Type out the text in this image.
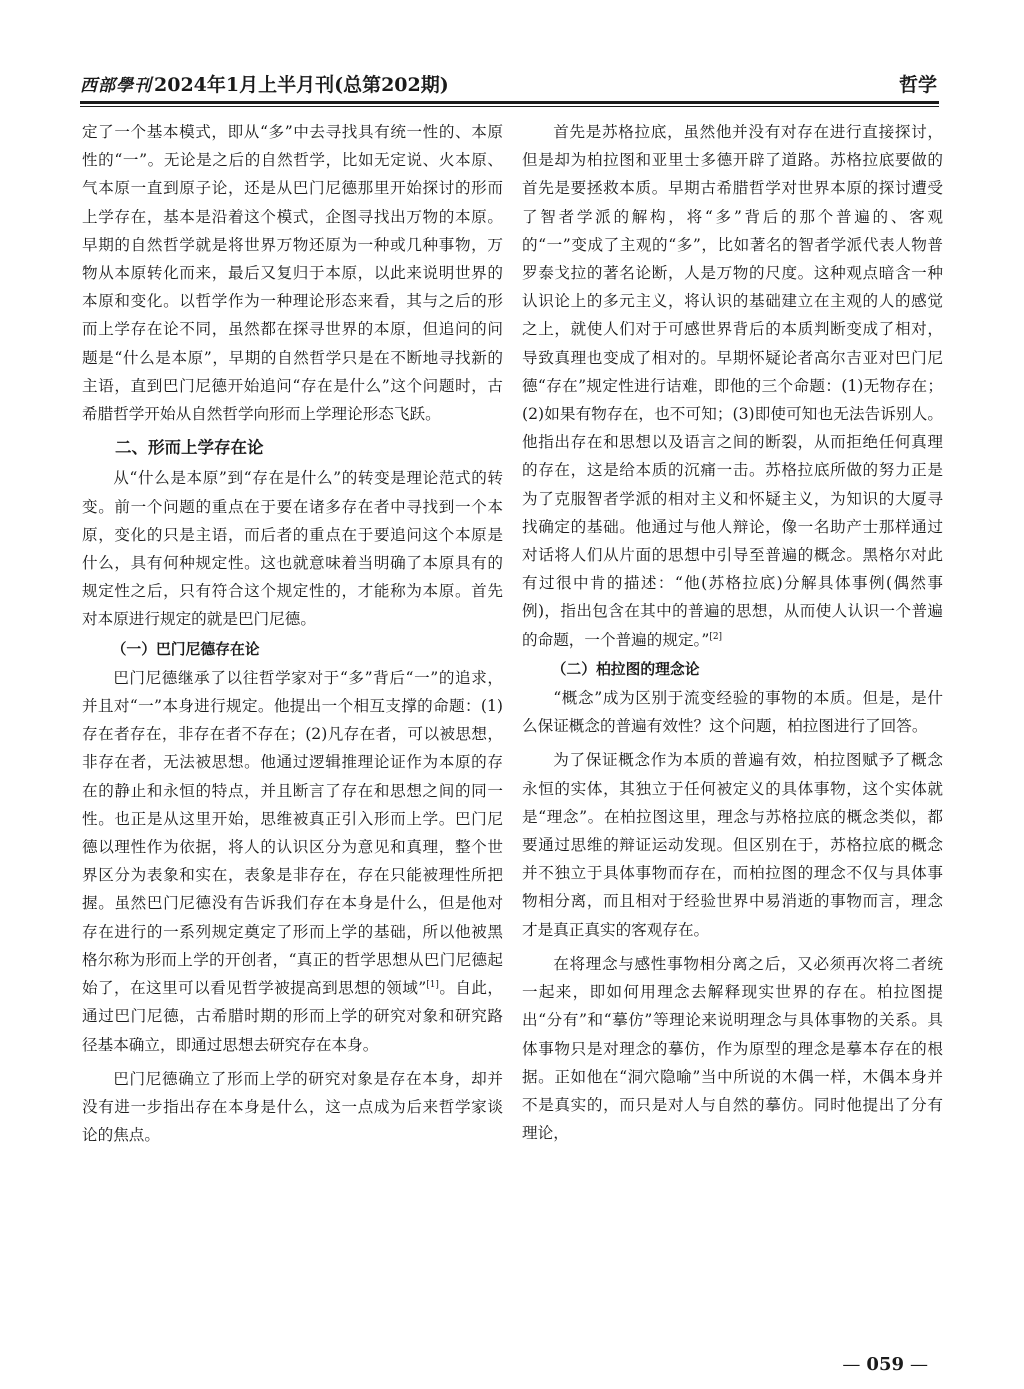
西部學刊 2024年1月上半月刊(总第202期)	哲学

定了一个基本模式，即从“多”中去寻找具有统一性的、本原性的“一”。无论是之后的自然哲学，比如无定说、火本原、气本原一直到原子论，还是从巴门尼德那里开始探讨的形而上学存在，基本是沿着这个模式，企图寻找出万物的本原。早期的自然哲学就是将世界万物还原为一种或几种事物，万物从本原转化而来，最后又复归于本原，以此来说明世界的本原和变化。以哲学作为一种理论形态来看，其与之后的形而上学存在论不同，虽然都在探寻世界的本原，但追问的问题是“什么是本原”，早期的自然哲学只是在不断地寻找新的主语，直到巴门尼德开始追问“存在是什么”这个问题时，古希腊哲学开始从自然哲学向形而上学理论形态飞跃。

二、形而上学存在论

从“什么是本原”到“存在是什么”的转变是理论范式的转变。前一个问题的重点在于要在诸多存在者中寻找到一个本原，变化的只是主语，而后者的重点在于要追问这个本原是什么，具有何种规定性。这也就意味着当明确了本原具有的规定性之后，只有符合这个规定性的，才能称为本原。首先对本原进行规定的就是巴门尼德。

（一）巴门尼德存在论

巴门尼德继承了以往哲学家对于“多”背后“一”的追求，并且对“一”本身进行规定。他提出一个相互支撑的命题：(1)存在者存在，非存在者不存在；(2)凡存在者，可以被思想，非存在者，无法被思想。他通过逻辑推理论证作为本原的存在的静止和永恒的特点，并且断言了存在和思想之间的同一性。也正是从这里开始，思维被真正引入形而上学。巴门尼德以理性作为依据，将人的认识区分为意见和真理，整个世界区分为表象和实在，表象是非存在，存在只能被理性所把握。虽然巴门尼德没有告诉我们存在本身是什么，但是他对存在进行的一系列规定奠定了形而上学的基础，所以他被黑格尔称为形而上学的开创者，“真正的哲学思想从巴门尼德起始了，在这里可以看见哲学被提高到思想的领域”[1]。自此，通过巴门尼德，古希腊时期的形而上学的研究对象和研究路径基本确立，即通过思想去研究存在本身。

巴门尼德确立了形而上学的研究对象是存在本身，却并没有进一步指出存在本身是什么，这一点成为后来哲学家谈论的焦点。

首先是苏格拉底，虽然他并没有对存在进行直接探讨，但是却为柏拉图和亚里士多德开辟了道路。苏格拉底要做的首先是要拯救本质。早期古希腊哲学对世界本原的探讨遭受了智者学派的解构，将“多”背后的那个普遍的、客观的“一”变成了主观的“多”，比如著名的智者学派代表人物普罗泰戈拉的著名论断，人是万物的尺度。这种观点暗含一种认识论上的多元主义，将认识的基础建立在主观的人的感觉之上，就使人们对于可感世界背后的本质判断变成了相对，导致真理也变成了相对的。早期怀疑论者高尔吉亚对巴门尼德“存在”规定性进行诘难，即他的三个命题：(1)无物存在；(2)如果有物存在，也不可知；(3)即使可知也无法告诉别人。他指出存在和思想以及语言之间的断裂，从而拒绝任何真理的存在，这是给本质的沉痛一击。苏格拉底所做的努力正是为了克服智者学派的相对主义和怀疑主义，为知识的大厦寻找确定的基础。他通过与他人辩论，像一名助产士那样通过对话将人们从片面的思想中引导至普遍的概念。黑格尔对此有过很中肯的描述：“他(苏格拉底)分解具体事例(偶然事例)，指出包含在其中的普遍的思想，从而使人认识一个普遍的命题，一个普遍的规定。”[2]

（二）柏拉图的理念论

“概念”成为区别于流变经验的事物的本质。但是，是什么保证概念的普遍有效性？这个问题，柏拉图进行了回答。

为了保证概念作为本质的普遍有效，柏拉图赋予了概念永恒的实体，其独立于任何被定义的具体事物，这个实体就是“理念”。在柏拉图这里，理念与苏格拉底的概念类似，都要通过思维的辩证运动发现。但区别在于，苏格拉底的概念并不独立于具体事物而存在，而柏拉图的理念不仅与具体事物相分离，而且相对于经验世界中易消逝的事物而言，理念才是真正真实的客观存在。

在将理念与感性事物相分离之后，又必须再次将二者统一起来，即如何用理念去解释现实世界的存在。柏拉图提出“分有”和“摹仿”等理论来说明理念与具体事物的关系。具体事物只是对理念的摹仿，作为原型的理念是摹本存在的根据。正如他在“洞穴隐喻”当中所说的木偶一样，木偶本身并不是真实的，而只是对人与自然的摹仿。同时他提出了分有理论，

— 059 —
